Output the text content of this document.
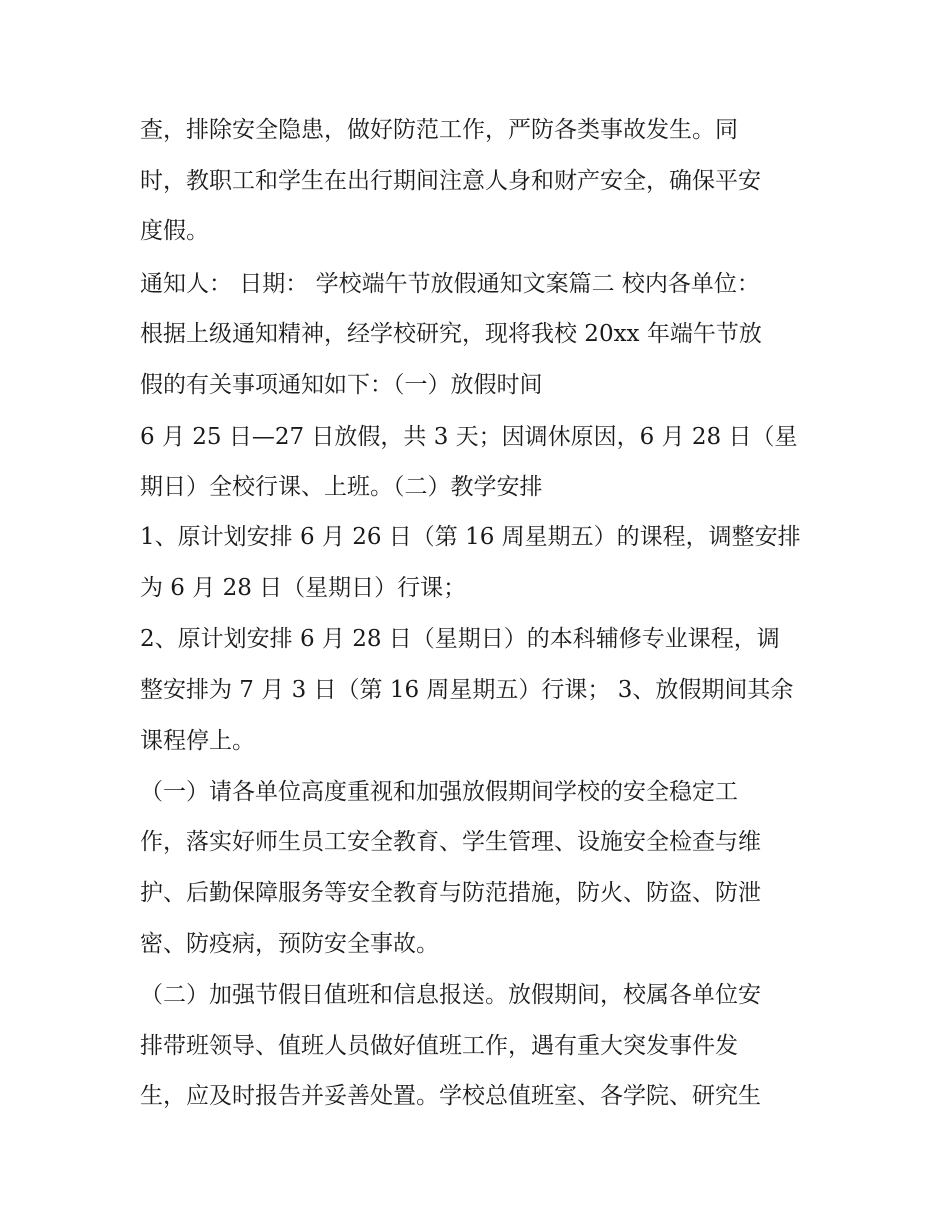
查，排除安全隐患，做好防范工作，严防各类事故发生。同
时，教职工和学生在出行期间注意人身和财产安全，确保平安
度假。
通知人： 日期： 学校端午节放假通知文案篇二 校内各单位：
根据上级通知精神，经学校研究，现将我校 20xx 年端午节放
假的有关事项通知如下：（一）放假时间
6 月 25 日—27 日放假，共 3 天；因调休原因，6 月 28 日（星
期日）全校行课、上班。（二）教学安排
1、原计划安排 6 月 26 日（第 16 周星期五）的课程，调整安排
为 6 月 28 日（星期日）行课；
2、原计划安排 6 月 28 日（星期日）的本科辅修专业课程，调
整安排为 7 月 3 日（第 16 周星期五）行课； 3、放假期间其余
课程停上。
（一）请各单位高度重视和加强放假期间学校的安全稳定工
作，落实好师生员工安全教育、学生管理、设施安全检查与维
护、后勤保障服务等安全教育与防范措施，防火、防盗、防泄
密、防疫病，预防安全事故。
（二）加强节假日值班和信息报送。放假期间，校属各单位安
排带班领导、值班人员做好值班工作，遇有重大突发事件发
生，应及时报告并妥善处置。学校总值班室、各学院、研究生
